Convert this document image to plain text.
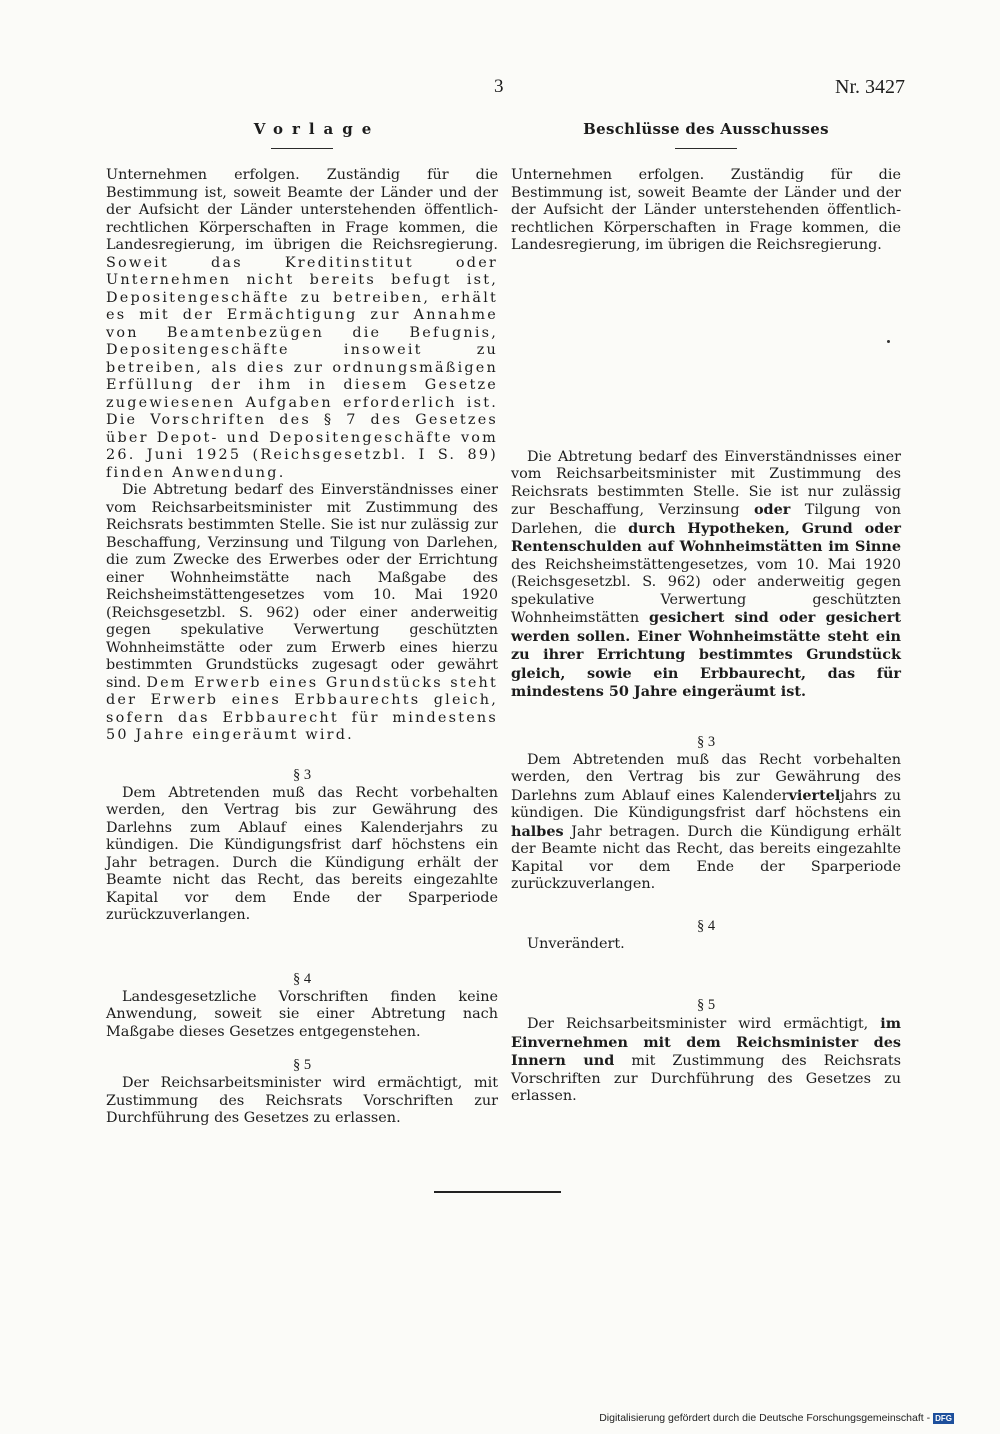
3	Nr. 3427
Vorlage

Unternehmen erfolgen. Zuständig für die Bestimmung ist, soweit Beamte der Länder und der der Aufsicht der Länder unterstehenden öffentlich-rechtlichen Körperschaften in Frage kommen, die Landesregierung, im übrigen die Reichsregierung. Soweit das Kreditinstitut oder Unternehmen nicht bereits befugt ist, Depositengeschäfte zu betreiben, erhält es mit der Ermächtigung zur Annahme von Beamtenbezügen die Befugnis, Depositengeschäfte insoweit zu betreiben, als dies zur ordnungsmäßigen Erfüllung der ihm in diesem Gesetze zugewiesenen Aufgaben erforderlich ist. Die Vorschriften des § 7 des Gesetzes über Depot- und Depositengeschäfte vom 26. Juni 1925 (Reichsgesetzbl. I S. 89) finden Anwendung.

Die Abtretung bedarf des Einverständnisses einer vom Reichsarbeitsminister mit Zustimmung des Reichsrats bestimmten Stelle. Sie ist nur zulässig zur Beschaffung, Verzinsung und Tilgung von Darlehen, die zum Zwecke des Erwerbes oder der Errichtung einer Wohnheimstätte nach Maßgabe des Reichsheimstättengesetzes vom 10. Mai 1920 (Reichsgesetzbl. S. 962) oder einer anderweitig gegen spekulative Verwertung geschützten Wohnheimstätte oder zum Erwerb eines hierzu bestimmten Grundstücks zugesagt oder gewährt sind. Dem Erwerb eines Grundstücks steht der Erwerb eines Erbbaurechts gleich, sofern das Erbbaurecht für mindestens 50 Jahre eingeräumt wird.

§ 3

Dem Abtretenden muß das Recht vorbehalten werden, den Vertrag bis zur Gewährung des Darlehns zum Ablauf eines Kalenderjahrs zu kündigen. Die Kündigungsfrist darf höchstens ein Jahr betragen. Durch die Kündigung erhält der Beamte nicht das Recht, das bereits eingezahlte Kapital vor dem Ende der Sparperiode zurückzuverlangen.

§ 4

Landesgesetzliche Vorschriften finden keine Anwendung, soweit sie einer Abtretung nach Maßgabe dieses Gesetzes entgegenstehen.

§ 5

Der Reichsarbeitsminister wird ermächtigt, mit Zustimmung des Reichsrats Vorschriften zur Durchführung des Gesetzes zu erlassen.

Beschlüsse des Ausschusses

Unternehmen erfolgen. Zuständig für die Bestimmung ist, soweit Beamte der Länder und der der Aufsicht der Länder unterstehenden öffentlich-rechtlichen Körperschaften in Frage kommen, die Landesregierung, im übrigen die Reichsregierung.

Die Abtretung bedarf des Einverständnisses einer vom Reichsarbeitsminister mit Zustimmung des Reichsrats bestimmten Stelle. Sie ist nur zulässig zur Beschaffung, Verzinsung oder Tilgung von Darlehen, die durch Hypotheken, Grund oder Rentenschulden auf Wohnheimstätten im Sinne des Reichsheimstättengesetzes, vom 10. Mai 1920 (Reichsgesetzbl. S. 962) oder anderweitig gegen spekulative Verwertung geschützten Wohnheimstätten gesichert sind oder gesichert werden sollen. Einer Wohnheimstätte steht ein zu ihrer Errichtung bestimmtes Grundstück gleich, sowie ein Erbbaurecht, das für mindestens 50 Jahre eingeräumt ist.

§ 3

Dem Abtretenden muß das Recht vorbehalten werden, den Vertrag bis zur Gewährung des Darlehns zum Ablauf eines Kalendervierteljahrs zu kündigen. Die Kündigungsfrist darf höchstens ein halbes Jahr betragen. Durch die Kündigung erhält der Beamte nicht das Recht, das bereits eingezahlte Kapital vor dem Ende der Sparperiode zurückzuverlangen.

§ 4

Unverändert.

§ 5

Der Reichsarbeitsminister wird ermächtigt, im Einvernehmen mit dem Reichsminister des Innern und mit Zustimmung des Reichsrats Vorschriften zur Durchführung des Gesetzes zu erlassen.

Digitalisierung gefördert durch die Deutsche Forschungsgemeinschaft - DFG
